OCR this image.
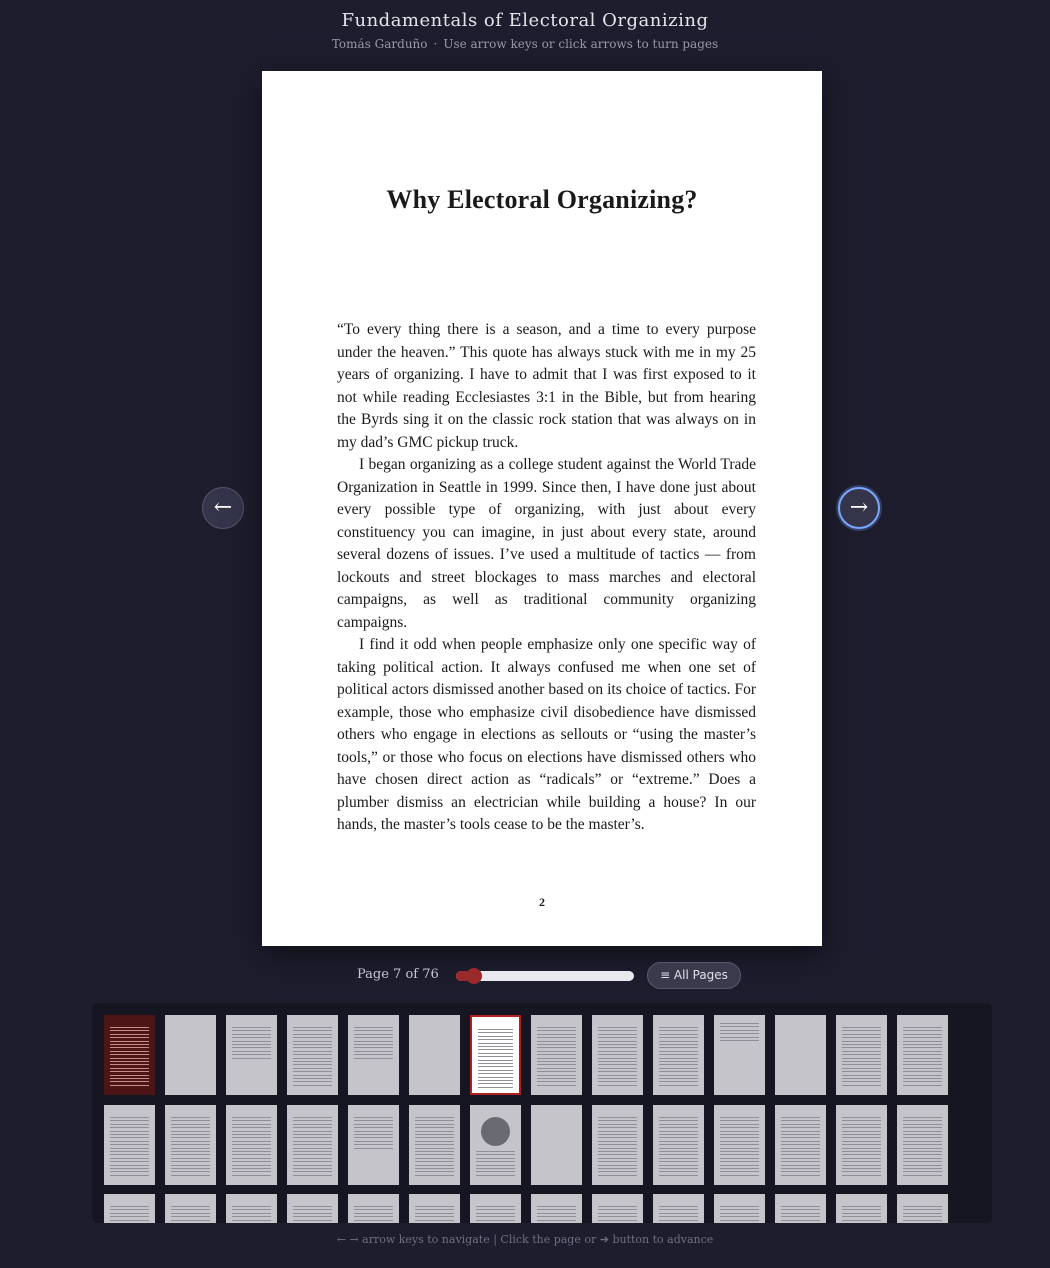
Fundamentals of Electoral Organizing
Tomás Garduño · Use arrow keys or click arrows to turn pages
←
Why Electoral Organizing?

“To every thing there is a season, and a time to every purpose under the heaven.” This quote has always stuck with me in my 25 years of organizing. I have to admit that I was first exposed to it not while reading Ecclesiastes 3:1 in the Bible, but from hearing the Byrds sing it on the classic rock station that was always on in my dad’s GMC pickup truck.

I began organizing as a college student against the World Trade Organization in Seattle in 1999. Since then, I have done just about every possible type of organizing, with just about every constituency you can imagine, in just about every state, around several dozens of issues. I’ve used a multitude of tactics — from lockouts and street blockages to mass marches and electoral campaigns, as well as traditional community organizing campaigns.

I find it odd when people emphasize only one specific way of taking political action. It always confused me when one set of political actors dismissed another based on its choice of tactics. For example, those who emphasize civil disobedience have dismissed others who engage in elections as sellouts or “using the master’s tools,” or those who focus on elections have dismissed others who have chosen direct action as “radicals” or “extreme.” Does a plumber dismiss an electrician while building a house? In our hands, the master’s tools cease to be the master’s.

2
→
Page 7 of 76	≡ All Pages
← → arrow keys to navigate | Click the page or ➔ button to advance
